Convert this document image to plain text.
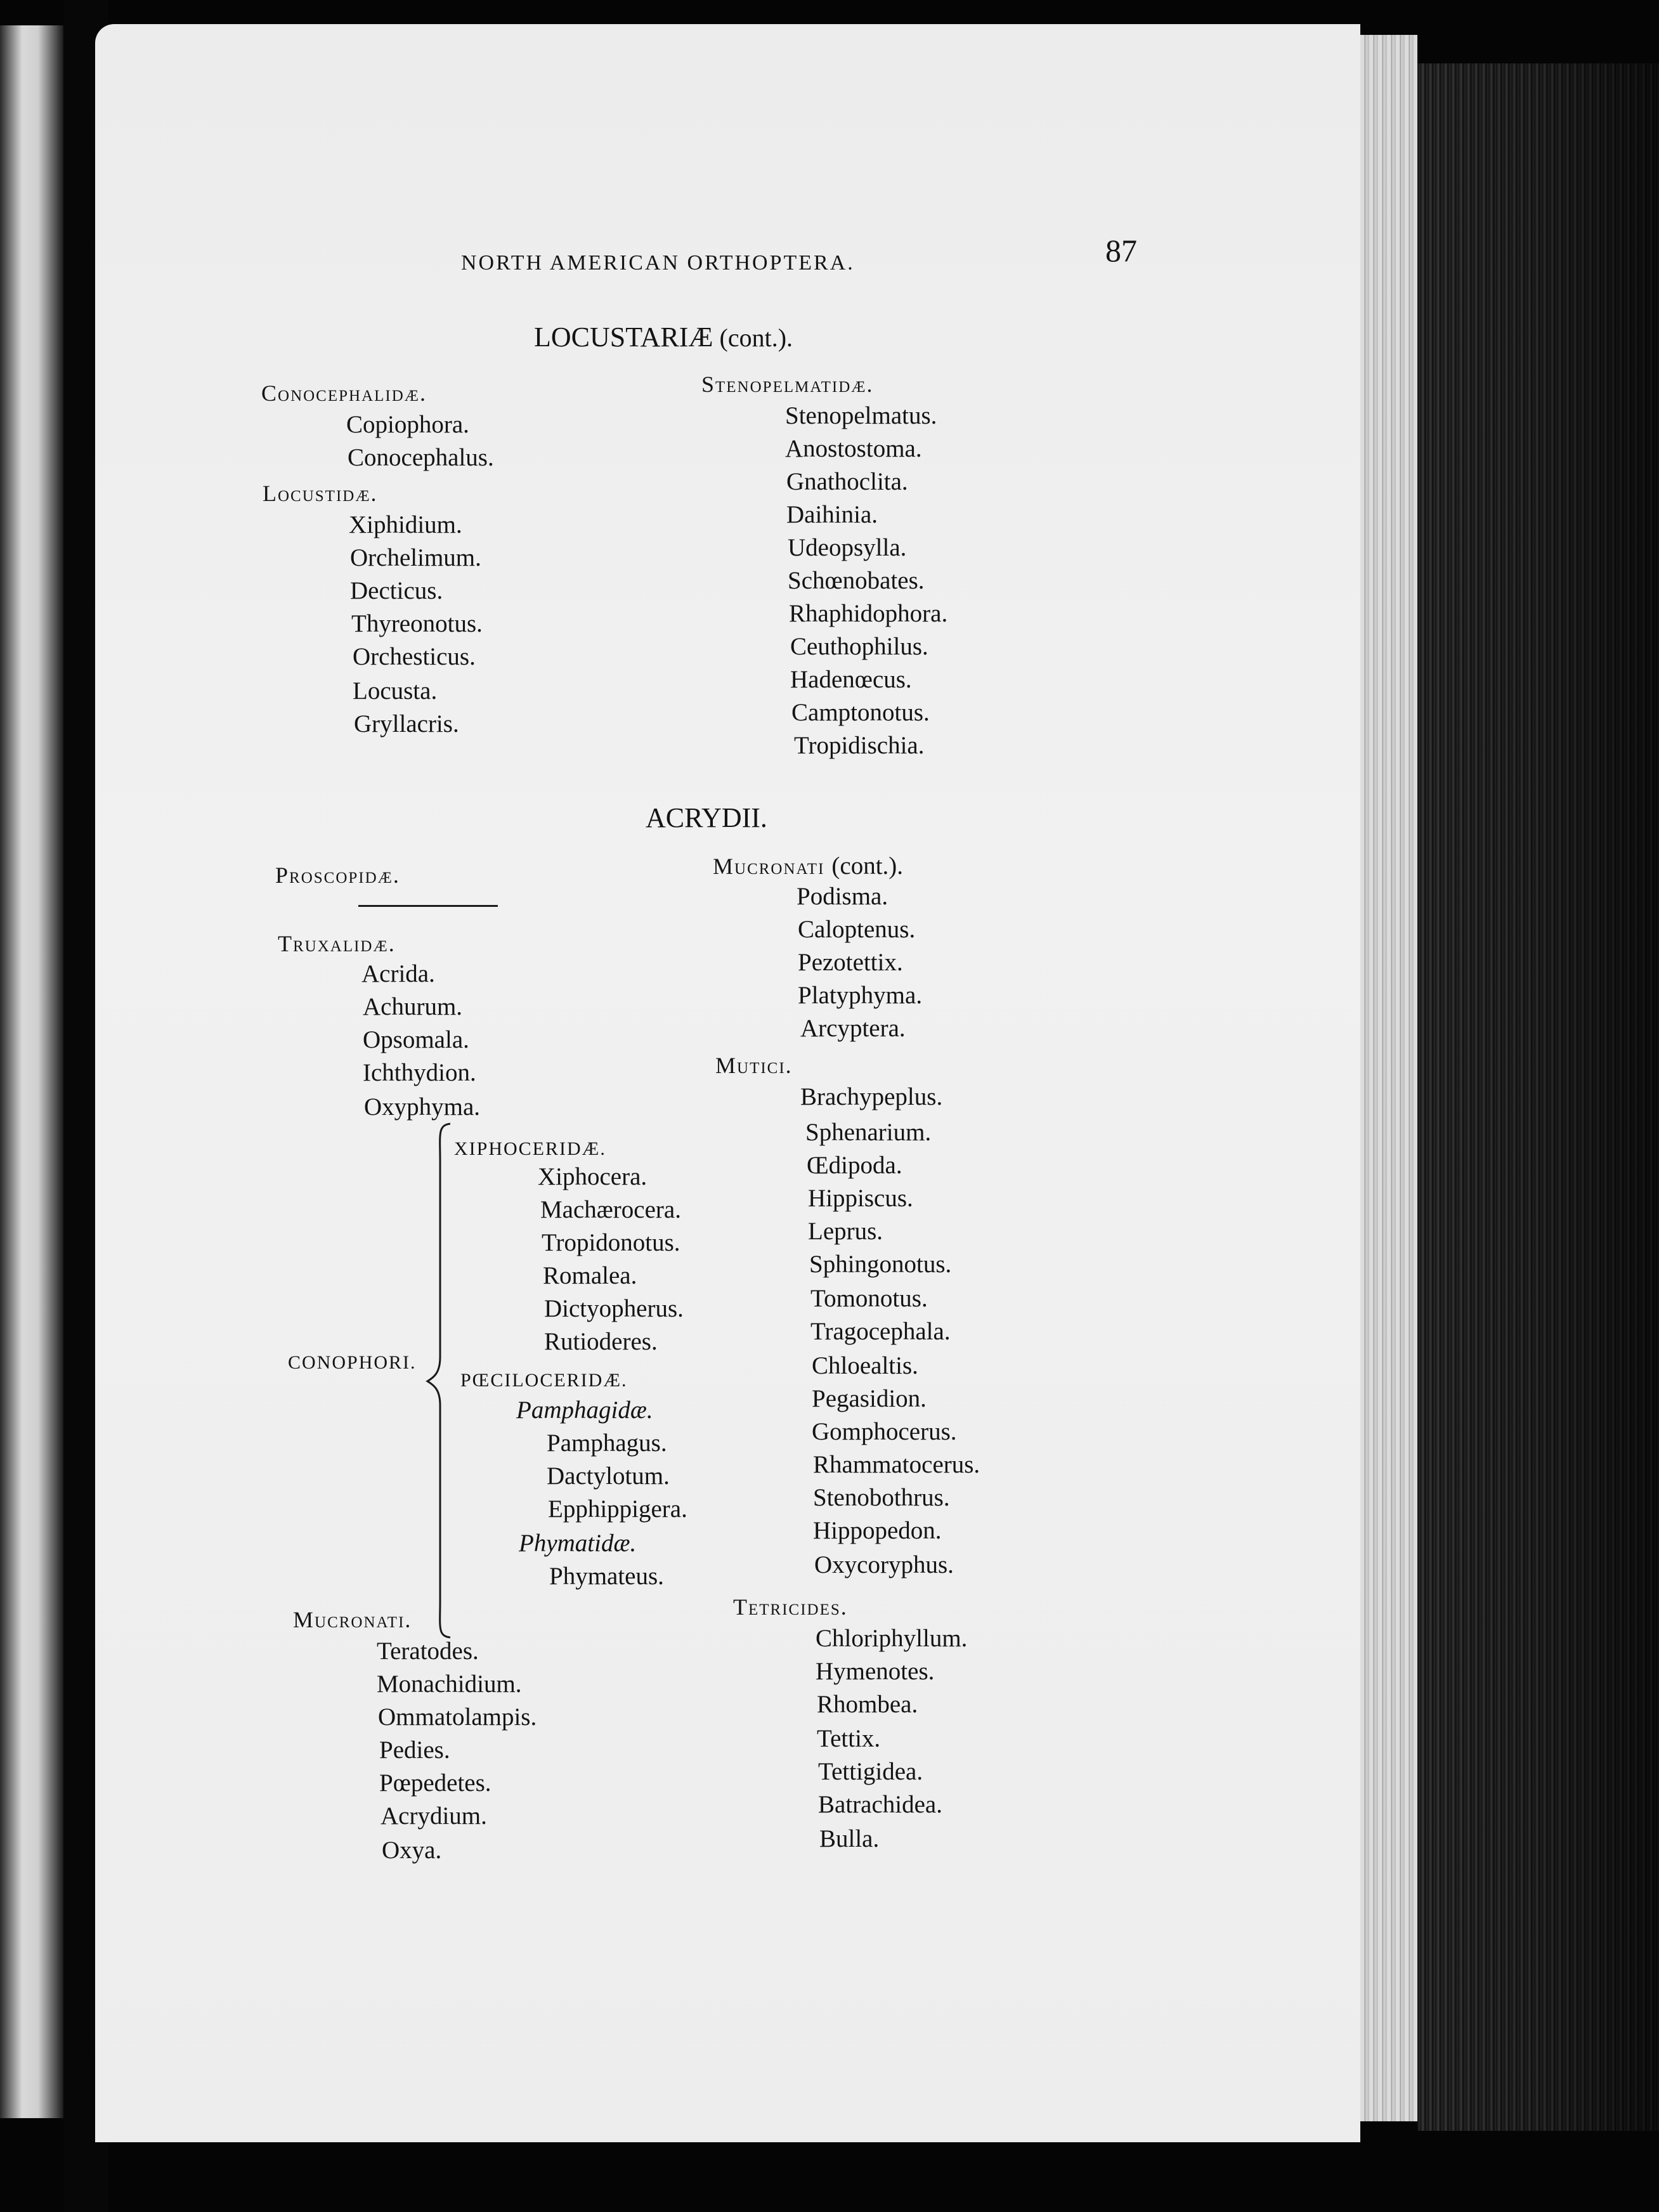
NORTH AMERICAN ORTHOPTERA.	87
LOCUSTARIÆ (cont.).
Conocephalidæ.
Copiophora.
Conocephalus.
Locustidæ.
Xiphidium.
Orchelimum.
Decticus.
Thyreonotus.
Orchesticus.
Locusta.
Gryllacris.
Stenopelmatidæ.
Stenopelmatus.
Anostostoma.
Gnathoclita.
Daihinia.
Udeopsylla.
Schœnobates.
Rhaphidophora.
Ceuthophilus.
Hadenœcus.
Camptonotus.
Tropidischia.
ACRYDII.
Proscopidæ.
Truxalidæ.
Acrida.
Achurum.
Opsomala.
Ichthydion.
Oxyphyma.
CONOPHORI.
XIPHOCERIDÆ.
Xiphocera.
Machærocera.
Tropidonotus.
Romalea.
Dictyopherus.
Rutioderes.
PŒCILOCERIDÆ.
Pamphagidæ.
Pamphagus.
Dactylotum.
Epphippigera.
Phymatidæ.
Phymateus.
Mucronati.
Teratodes.
Monachidium.
Ommatolampis.
Pedies.
Pœpedetes.
Acrydium.
Oxya.
Mucronati (cont.).
Podisma.
Caloptenus.
Pezotettix.
Platyphyma.
Arcyptera.
Mutici.
Brachypeplus.
Sphenarium.
Œdipoda.
Hippiscus.
Leprus.
Sphingonotus.
Tomonotus.
Tragocephala.
Chloealtis.
Pegasidion.
Gomphocerus.
Rhammatocerus.
Stenobothrus.
Hippopedon.
Oxycoryphus.
Tetricides.
Chloriphyllum.
Hymenotes.
Rhombea.
Tettix.
Tettigidea.
Batrachidea.
Bulla.
